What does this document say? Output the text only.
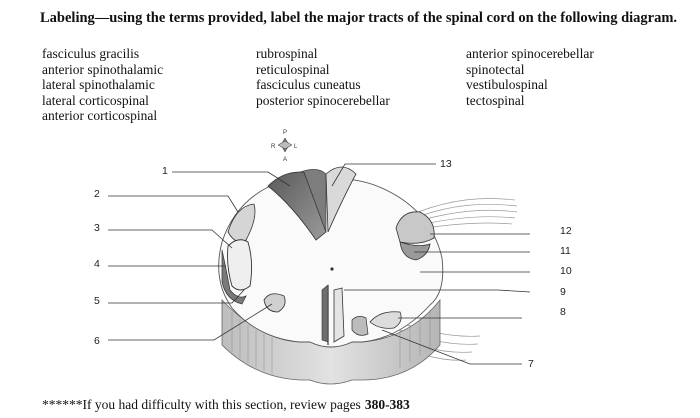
Labeling—using the terms provided, label the major tracts of the spinal cord on the following diagram.
fasciculus gracilis
anterior spinothalamic
lateral spinothalamic
lateral corticospinal
anterior corticospinal
rubrospinal
reticulospinal
fasciculus cuneatus
posterior spinocerebellar
anterior spinocerebellar
spinotectal
vestibulospinal
tectospinal
P
R	L
A
1
2
3
4
5
6
7
8
9
10
11
12
13
******If you had difficulty with this section, review pages 380-383
